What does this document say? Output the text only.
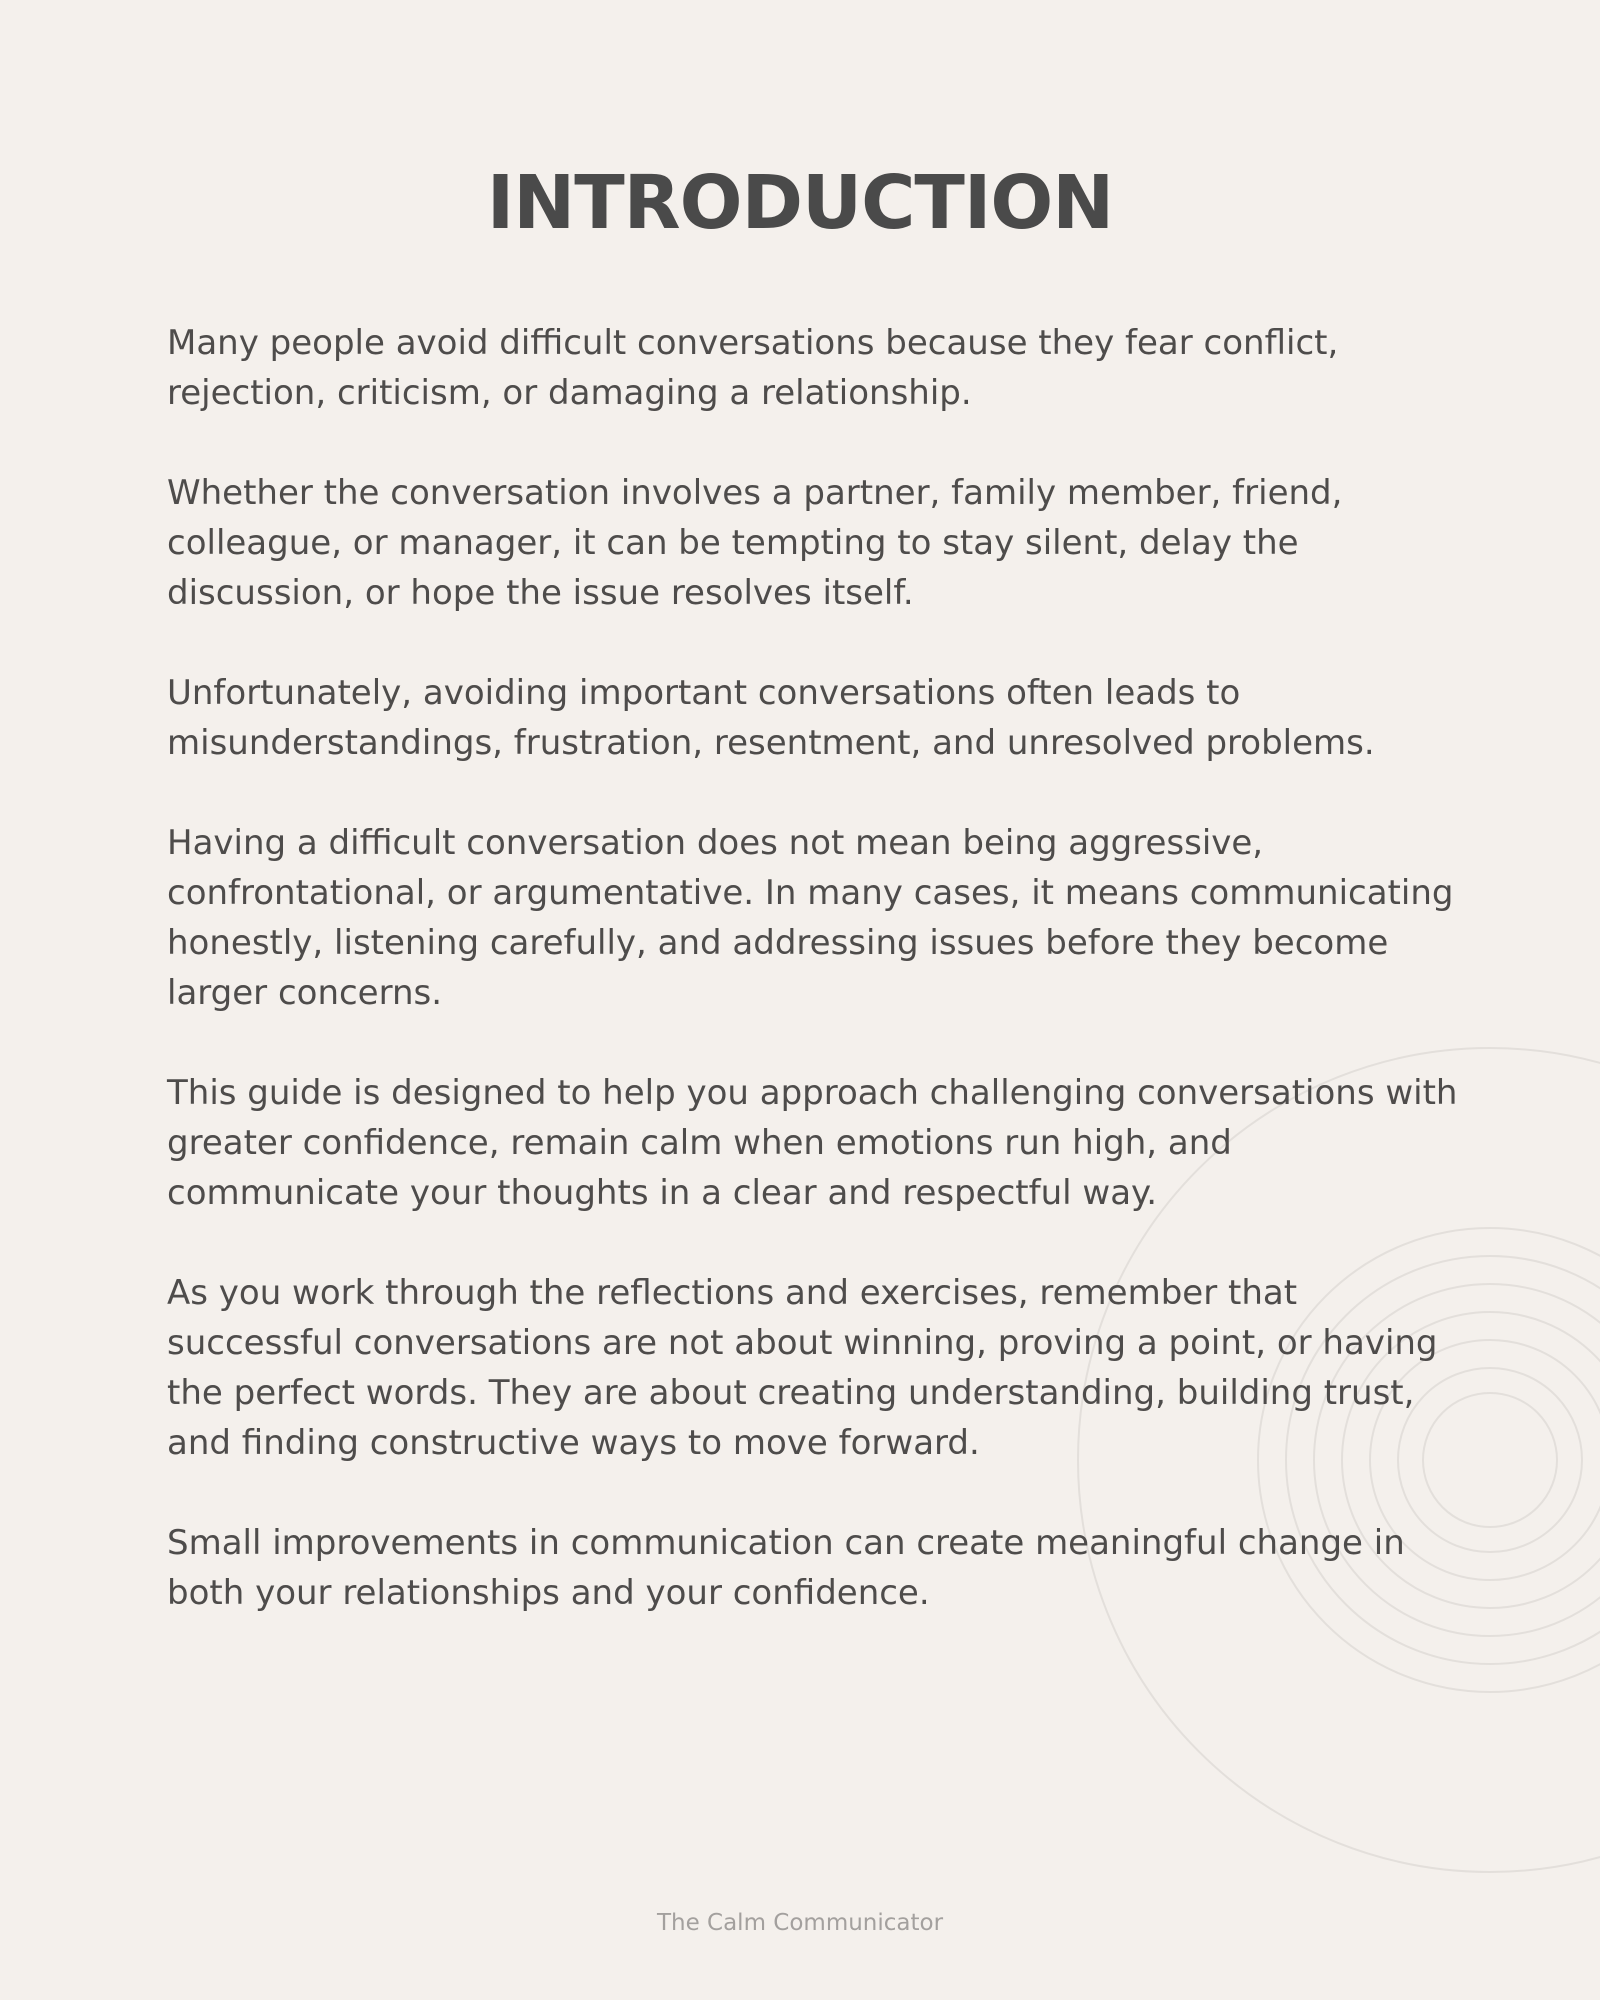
INTRODUCTION

Many people avoid difficult conversations because they fear conflict, rejection, criticism, or damaging a relationship.

Whether the conversation involves a partner, family member, friend, colleague, or manager, it can be tempting to stay silent, delay the discussion, or hope the issue resolves itself.

Unfortunately, avoiding important conversations often leads to misunderstandings, frustration, resentment, and unresolved problems.

Having a difficult conversation does not mean being aggressive, confrontational, or argumentative. In many cases, it means communicating honestly, listening carefully, and addressing issues before they become larger concerns.

This guide is designed to help you approach challenging conversations with greater confidence, remain calm when emotions run high, and communicate your thoughts in a clear and respectful way.

As you work through the reflections and exercises, remember that successful conversations are not about winning, proving a point, or having the perfect words. They are about creating understanding, building trust, and finding constructive ways to move forward.

Small improvements in communication can create meaningful change in both your relationships and your confidence.

The Calm Communicator
